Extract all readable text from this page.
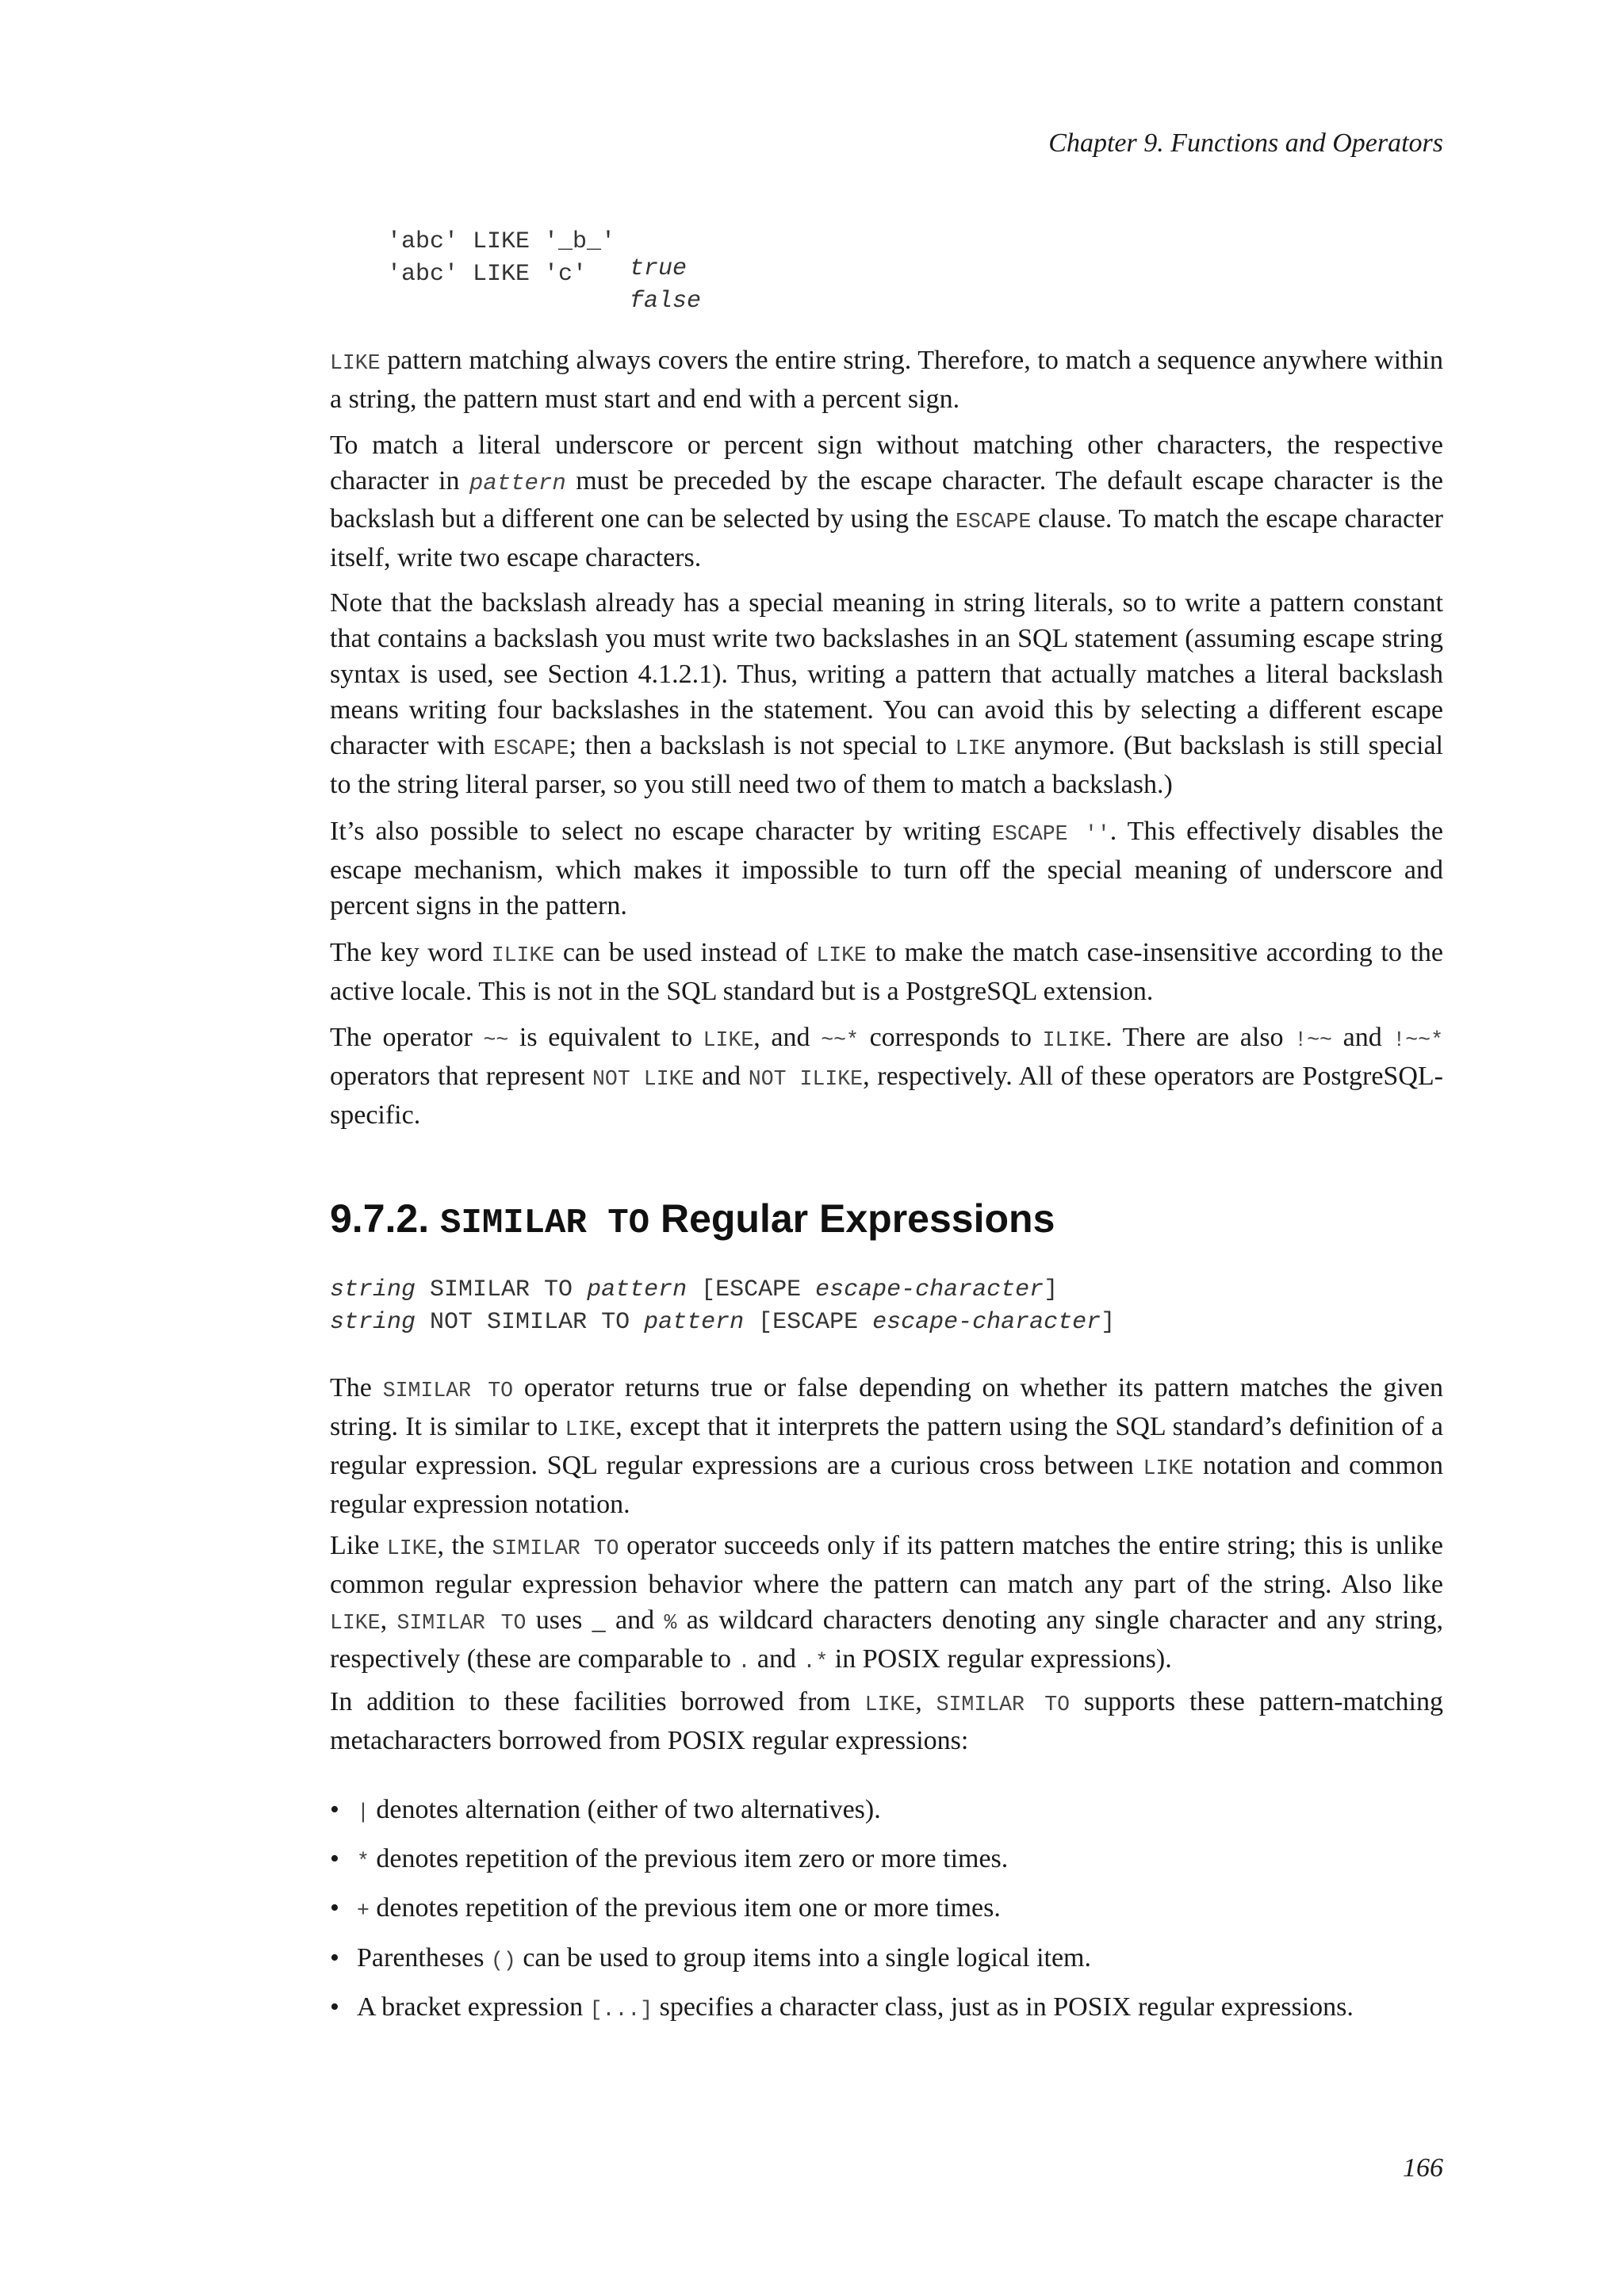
Chapter 9. Functions and Operators

'abc' LIKE '_b_'

true

'abc' LIKE 'c'

false

LIKE pattern matching always covers the entire string. Therefore, to match a sequence anywhere within a string, the pattern must start and end with a percent sign.

To match a literal underscore or percent sign without matching other characters, the respective character in pattern must be preceded by the escape character. The default escape character is the backslash but a different one can be selected by using the ESCAPE clause. To match the escape character itself, write two escape characters.

Note that the backslash already has a special meaning in string literals, so to write a pattern constant that contains a backslash you must write two backslashes in an SQL statement (assuming escape string syntax is used, see Section 4.1.2.1). Thus, writing a pattern that actually matches a literal backslash means writing four backslashes in the statement. You can avoid this by selecting a different escape character with ESCAPE; then a backslash is not special to LIKE anymore. (But backslash is still special to the string literal parser, so you still need two of them to match a backslash.)

It’s also possible to select no escape character by writing ESCAPE ''. This effectively disables the escape mechanism, which makes it impossible to turn off the special meaning of underscore and percent signs in the pattern.

The key word ILIKE can be used instead of LIKE to make the match case-insensitive according to the active locale. This is not in the SQL standard but is a PostgreSQL extension.

The operator ~~ is equivalent to LIKE, and ~~* corresponds to ILIKE. There are also !~~ and !~~* operators that represent NOT LIKE and NOT ILIKE, respectively. All of these operators are PostgreSQL-specific.

9.7.2. SIMILAR TO Regular Expressions
string SIMILAR TO pattern [ESCAPE escape-character]
string NOT SIMILAR TO pattern [ESCAPE escape-character]

The SIMILAR TO operator returns true or false depending on whether its pattern matches the given string. It is similar to LIKE, except that it interprets the pattern using the SQL standard’s definition of a regular expression. SQL regular expressions are a curious cross between LIKE notation and common regular expression notation.

Like LIKE, the SIMILAR TO operator succeeds only if its pattern matches the entire string; this is unlike common regular expression behavior where the pattern can match any part of the string. Also like LIKE, SIMILAR TO uses _ and % as wildcard characters denoting any single character and any string, respectively (these are comparable to . and .* in POSIX regular expressions).

In addition to these facilities borrowed from LIKE, SIMILAR TO supports these pattern-matching metacharacters borrowed from POSIX regular expressions:

• | denotes alternation (either of two alternatives).
• * denotes repetition of the previous item zero or more times.
• + denotes repetition of the previous item one or more times.
• Parentheses () can be used to group items into a single logical item.
• A bracket expression [...] specifies a character class, just as in POSIX regular expressions.
166
